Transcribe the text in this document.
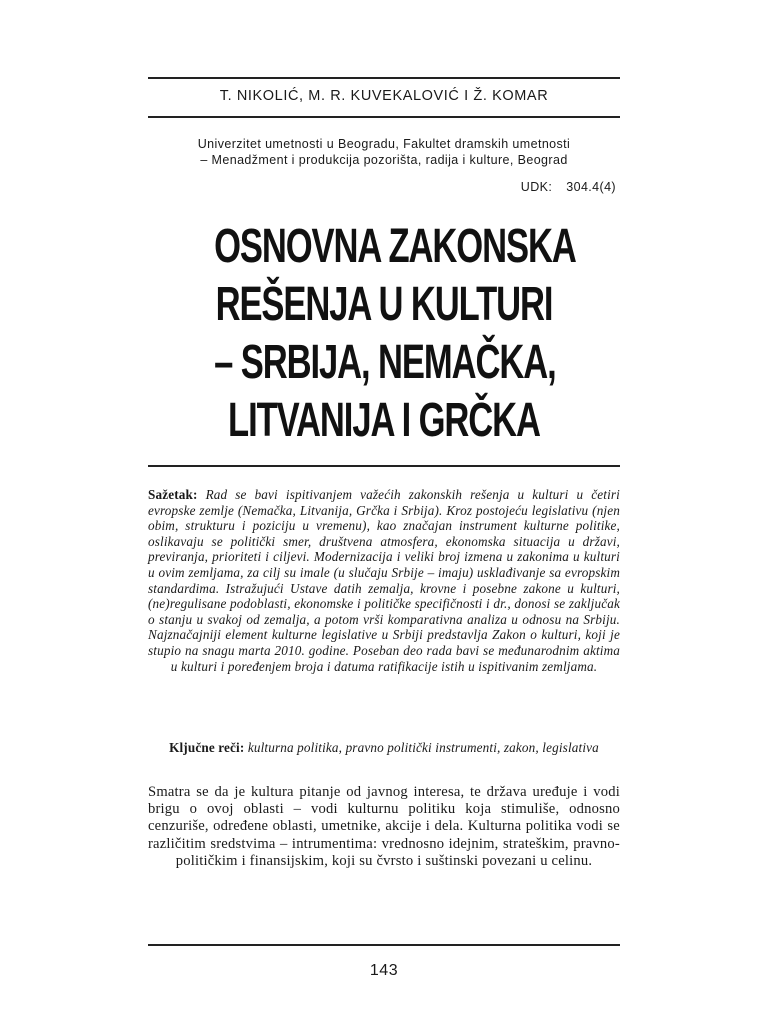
T. NIKOLIĆ, M. R. KUVEKALOVIĆ I Ž. KOMAR
Univerzitet umetnosti u Beogradu, Fakultet dramskih umetnosti
– Menadžment i produkcija pozorišta, radija i kulture, Beograd
UDK: 304.4(4)
OSNOVNA ZAKONSKA
REŠENJA U KULTURI
– SRBIJA, NEMAČKA,
LITVANIJA I GRČKA
Sažetak: Rad se bavi ispitivanjem važećih zakonskih rešenja u kulturi u četiri evropske zemlje (Nemačka, Litvanija, Grčka i Srbija). Kroz postojeću legislativu (njen obim, strukturu i poziciju u vremenu), kao značajan instrument kulturne politike, oslikavaju se politički smer, društvena atmosfera, ekonomska situacija u državi, previranja, prioriteti i ciljevi. Modernizacija i veliki broj izmena u zakonima u kulturi u ovim zemljama, za cilj su imale (u slučaju Srbije – imaju) usklađivanje sa evropskim standardima. Istražujući Ustave datih zemalja, krovne i posebne zakone u kulturi, (ne)regulisane podoblasti, ekonomske i političke specifičnosti i dr., donosi se zaključak o stanju u svakoj od zemalja, a potom vrši komparativna analiza u odnosu na Srbiju. Najznačajniji element kulturne legislative u Srbiji predstavlja Zakon o kulturi, koji je stupio na snagu marta 2010. godine. Poseban deo rada bavi se međunarodnim aktima u kulturi i poređenjem broja i datuma ratifikacije istih u ispitivanim zemljama.
Ključne reči: kulturna politika, pravno politički instrumenti, zakon, legislativa
Smatra se da je kultura pitanje od javnog interesa, te država uređuje i vodi brigu o ovoj oblasti – vodi kulturnu politiku koja stimuliše, odnosno cenzuriše, određene oblasti, umetnike, akcije i dela. Kulturna politika vodi se različitim sredstvima – intrumentima: vrednosno idejnim, strateškim, pravno-političkim i finansijskim, koji su čvrsto i suštinski povezani u celinu.
143
